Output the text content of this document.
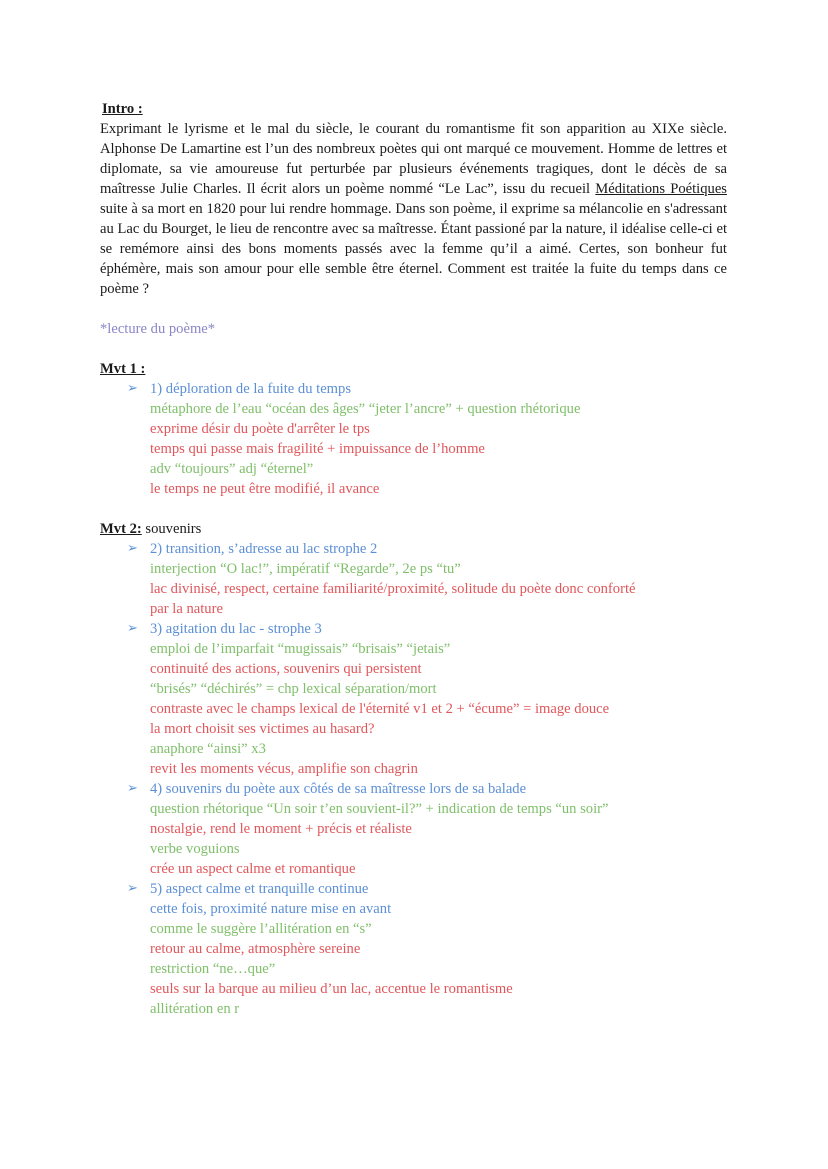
Intro :
Exprimant le lyrisme et le mal du siècle, le courant du romantisme fit son apparition au XIXe siècle. Alphonse De Lamartine est l’un des nombreux poètes qui ont marqué ce mouvement. Homme de lettres et diplomate, sa vie amoureuse fut perturbée par plusieurs événements tragiques, dont le décès de sa maîtresse Julie Charles. Il écrit alors un poème nommé “Le Lac”, issu du recueil Méditations Poétiques suite à sa mort en 1820 pour lui rendre hommage. Dans son poème, il exprime sa mélancolie en s'adressant au Lac du Bourget, le lieu de rencontre avec sa maîtresse. Étant passioné par la nature, il idéalise celle-ci et se remémore ainsi des bons moments passés avec la femme qu’il a aimé. Certes, son bonheur fut éphémère, mais son amour pour elle semble être éternel. Comment est traitée la fuite du temps dans ce poème ?
*lecture du poème*
Mvt 1 :
➢ 1) déploration de la fuite du temps
métaphore de l’eau “océan des âges” “jeter l’ancre” + question rhétorique
exprime désir du poète d'arrêter le tps
temps qui passe mais fragilité + impuissance de l’homme
adv “toujours” adj “éternel”
le temps ne peut être modifié, il avance
Mvt 2: souvenirs
➢ 2) transition, s’adresse au lac strophe 2
interjection “O lac!”, impératif “Regarde”, 2e ps “tu”
lac divinisé, respect, certaine familiarité/proximité, solitude du poète donc conforté
par la nature
➢ 3) agitation du lac - strophe 3
emploi de l’imparfait “mugissais” “brisais” “jetais”
continuité des actions, souvenirs qui persistent
“brisés” “déchirés” = chp lexical séparation/mort
contraste avec le champs lexical de l'éternité v1 et 2 + “écume” = image douce
la mort choisit ses victimes au hasard?
anaphore “ainsi” x3
revit les moments vécus, amplifie son chagrin
➢ 4) souvenirs du poète aux côtés de sa maîtresse lors de sa balade
question rhétorique “Un soir t’en souvient-il?” + indication de temps “un soir”
nostalgie, rend le moment + précis et réaliste
verbe voguions
crée un aspect calme et romantique
➢ 5) aspect calme et tranquille continue
cette fois, proximité nature mise en avant
comme le suggère l’allitération en “s”
retour au calme, atmosphère sereine
restriction “ne…que”
seuls sur la barque au milieu d’un lac, accentue le romantisme
allitération en r
